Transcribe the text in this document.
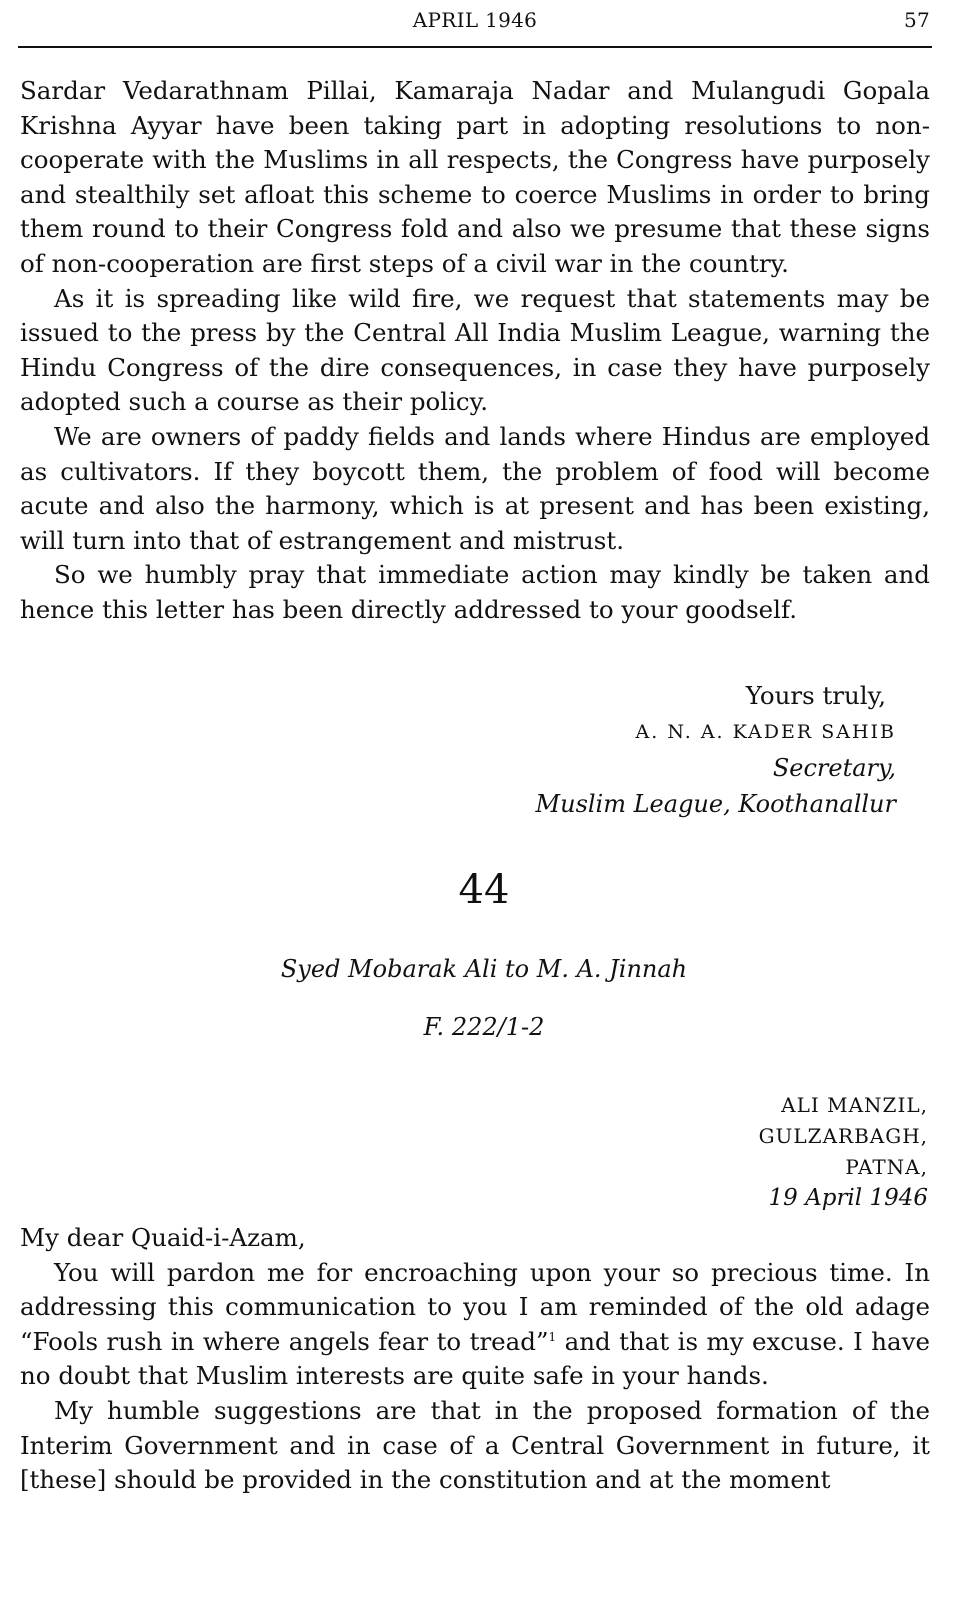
APRIL 1946	57

Sardar Vedarathnam Pillai, Kamaraja Nadar and Mulangudi Gopala Krishna Ayyar have been taking part in adopting resolutions to non-cooperate with the Muslims in all respects, the Congress have purposely and stealthily set afloat this scheme to coerce Muslims in order to bring them round to their Congress fold and also we presume that these signs of non-cooperation are first steps of a civil war in the country.

As it is spreading like wild fire, we request that statements may be issued to the press by the Central All India Muslim League, warning the Hindu Congress of the dire consequences, in case they have purposely adopted such a course as their policy.

We are owners of paddy fields and lands where Hindus are employed as cultivators. If they boycott them, the problem of food will become acute and also the harmony, which is at present and has been existing, will turn into that of estrangement and mistrust.

So we humbly pray that immediate action may kindly be taken and hence this letter has been directly addressed to your goodself.

Yours truly,
A. N. A. KADER SAHIB
Secretary,
Muslim League, Koothanallur
44
Syed Mobarak Ali to M. A. Jinnah
F. 222/1-2
ALI MANZIL,
GULZARBAGH,
PATNA,
19 April 1946

My dear Quaid-i-Azam,

You will pardon me for encroaching upon your so precious time. In addressing this communication to you I am reminded of the old adage “Fools rush in where angels fear to tread”$^1$ and that is my excuse. I have no doubt that Muslim interests are quite safe in your hands.

My humble suggestions are that in the proposed formation of the Interim Government and in case of a Central Government in future, it [these] should be provided in the constitution and at the moment
